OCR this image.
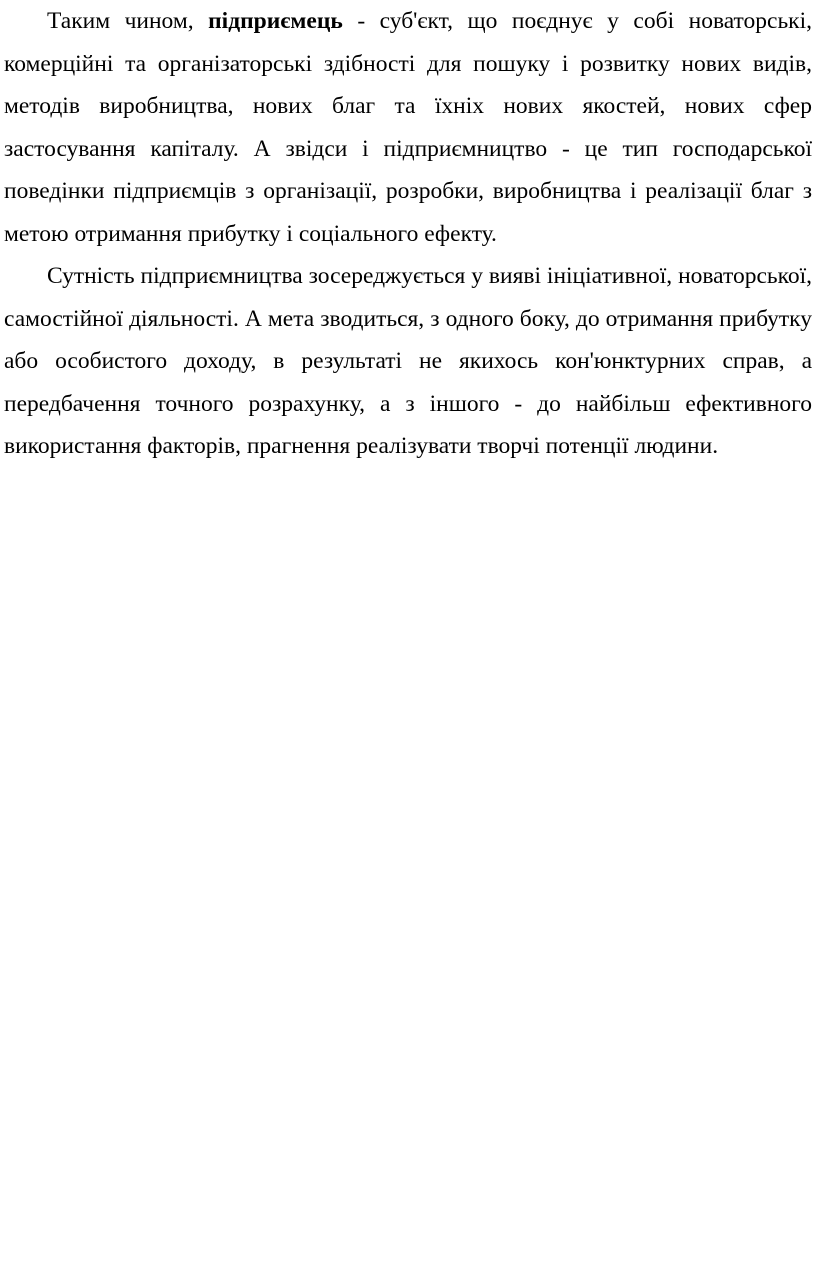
Таким чином, підприємець - суб'єкт, що поєднує у собі новаторські, комерційні та організаторські здібності для пошуку і розвитку нових видів, методів виробництва, нових благ та їхніх нових якостей, нових сфер застосування капіталу. А звідси і підприємництво - це тип господарської поведінки підприємців з організації, розробки, виробництва і реалізації благ з метою отримання прибутку і соціального ефекту.

Сутність підприємництва зосереджується у вияві ініціативної, новаторської, самостійної діяльності. А мета зводиться, з одного боку, до отримання прибутку або особистого доходу, в результаті не якихось кон'юнктурних справ, а передбачення точного розрахунку, а з іншого - до найбільш ефективного використання факторів, прагнення реалізувати творчі потенції людини.
